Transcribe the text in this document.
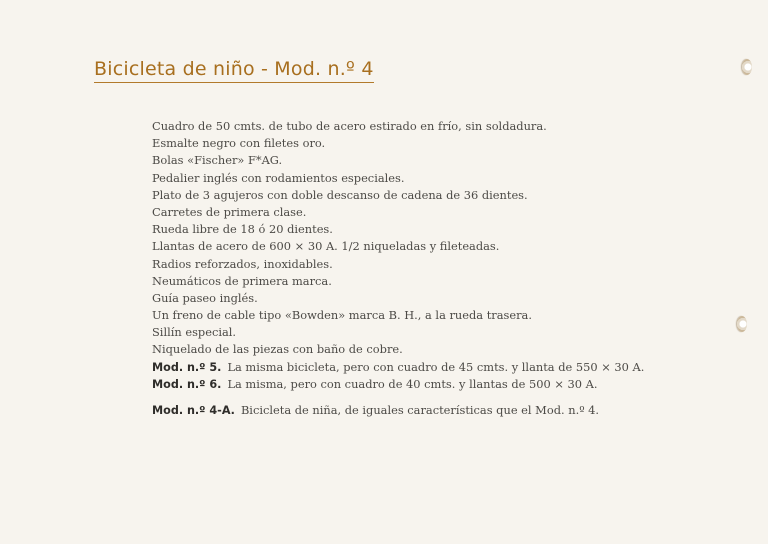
Bicicleta de niño - Mod. n.º 4
Cuadro de 50 cmts. de tubo de acero estirado en frío, sin soldadura.
Esmalte negro con filetes oro.
Bolas «Fischer» F*AG.
Pedalier inglés con rodamientos especiales.
Plato de 3 agujeros con doble descanso de cadena de 36 dientes.
Carretes de primera clase.
Rueda libre de 18 ó 20 dientes.
Llantas de acero de 600 × 30 A. 1/2 niqueladas y fileteadas.
Radios reforzados, inoxidables.
Neumáticos de primera marca.
Guía paseo inglés.
Un freno de cable tipo «Bowden» marca B. H., a la rueda trasera.
Sillín especial.
Niquelado de las piezas con baño de cobre.
Mod. n.º 5. La misma bicicleta, pero con cuadro de 45 cmts. y llanta de 550 × 30 A.
Mod. n.º 6. La misma, pero con cuadro de 40 cmts. y llantas de 500 × 30 A.
Mod. n.º 4-A. Bicicleta de niña, de iguales características que el Mod. n.º 4.
